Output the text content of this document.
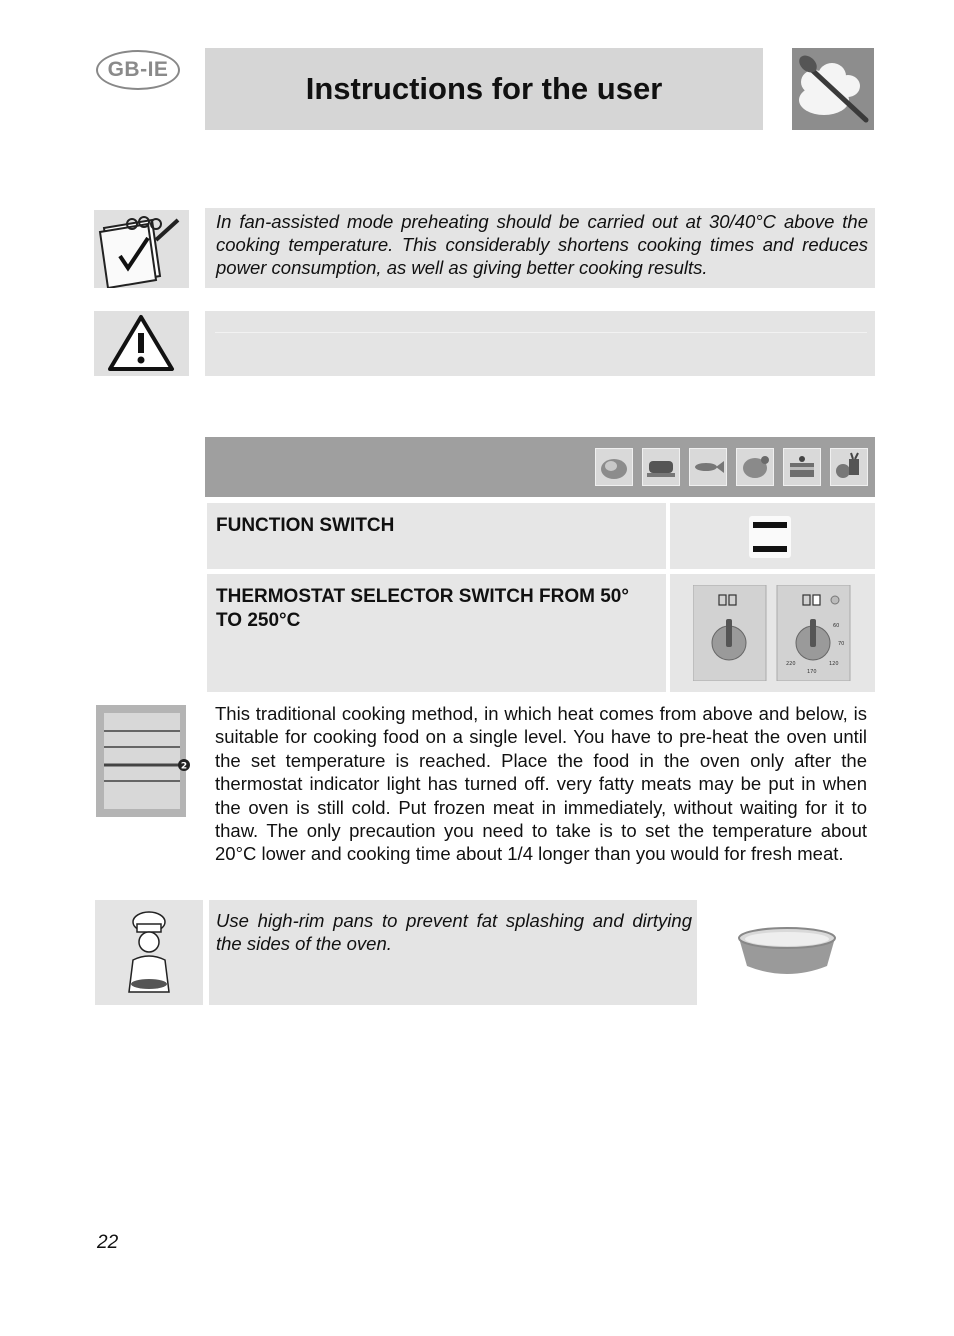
GB-IE
Instructions for the user
In fan-assisted mode preheating should be carried out at 30/40°C above the cooking temperature. This considerably shortens cooking times and reduces power consumption, as well as giving better cooking results.
FUNCTION SWITCH
THERMOSTAT SELECTOR SWITCH FROM 50° TO 250°C	60
70
120
170
220
2
This traditional cooking method, in which heat comes from above and below, is suitable for cooking food on a single level. You have to pre-heat the oven until the set temperature is reached. Place the food in the oven only after the thermostat indicator light has turned off. very fatty meats may be put in when the oven is still cold. Put frozen meat in immediately, without waiting for it to thaw. The only precaution you need to take is to set the temperature about 20°C lower and cooking time about 1/4 longer than you would for fresh meat.
Use high-rim pans to prevent fat splashing and dirtying the sides of the oven.
22
